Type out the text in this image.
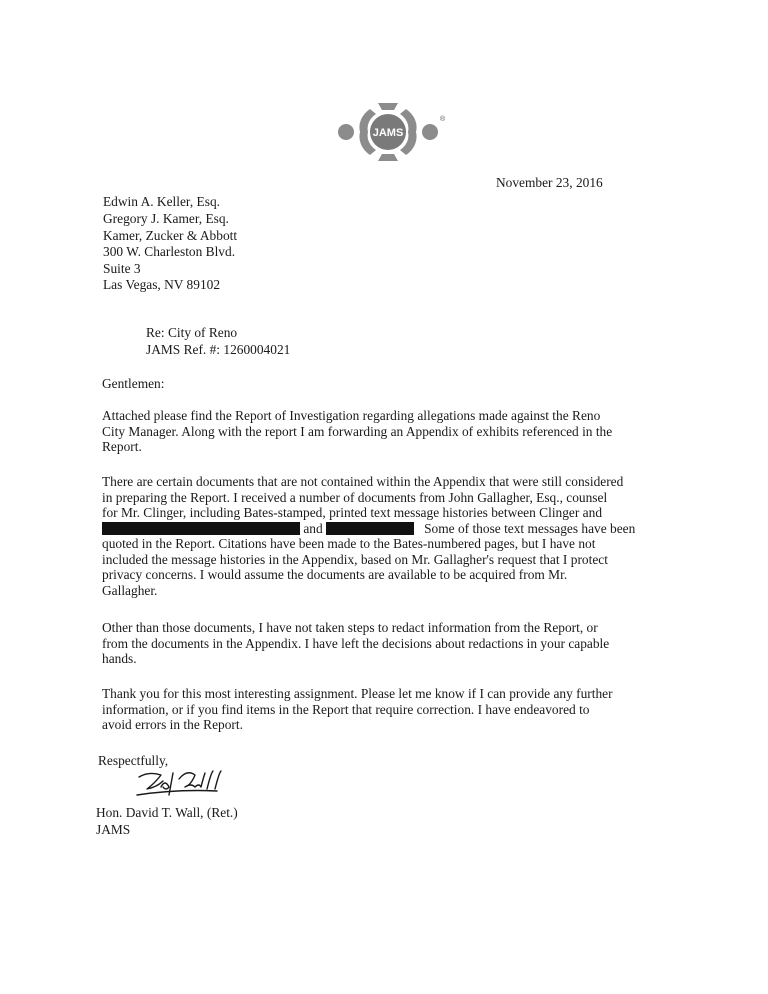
JAMS
®
November 23, 2016
Edwin A. Keller, Esq.
Gregory J. Kamer, Esq.
Kamer, Zucker & Abbott
300 W. Charleston Blvd.
Suite 3
Las Vegas, NV 89102
Re: City of Reno
JAMS Ref. #: 1260004021
Gentlemen:

Attached please find the Report of Investigation regarding allegations made against the Reno

City Manager. Along with the report I am forwarding an Appendix of exhibits referenced in the

Report.

There are certain documents that are not contained within the Appendix that were still considered

in preparing the Report. I received a number of documents from John Gallagher, Esq., counsel

for Mr. Clinger, including Bates-stamped, printed text message histories between Clinger and

and	Some of those text messages have been

quoted in the Report. Citations have been made to the Bates-numbered pages, but I have not

included the message histories in the Appendix, based on Mr. Gallagher's request that I protect

privacy concerns. I would assume the documents are available to be acquired from Mr.

Gallagher.

Other than those documents, I have not taken steps to redact information from the Report, or

from the documents in the Appendix. I have left the decisions about redactions in your capable

hands.

Thank you for this most interesting assignment. Please let me know if I can provide any further

information, or if you find items in the Report that require correction. I have endeavored to

avoid errors in the Report.

Respectfully,
Hon. David T. Wall, (Ret.)
JAMS
